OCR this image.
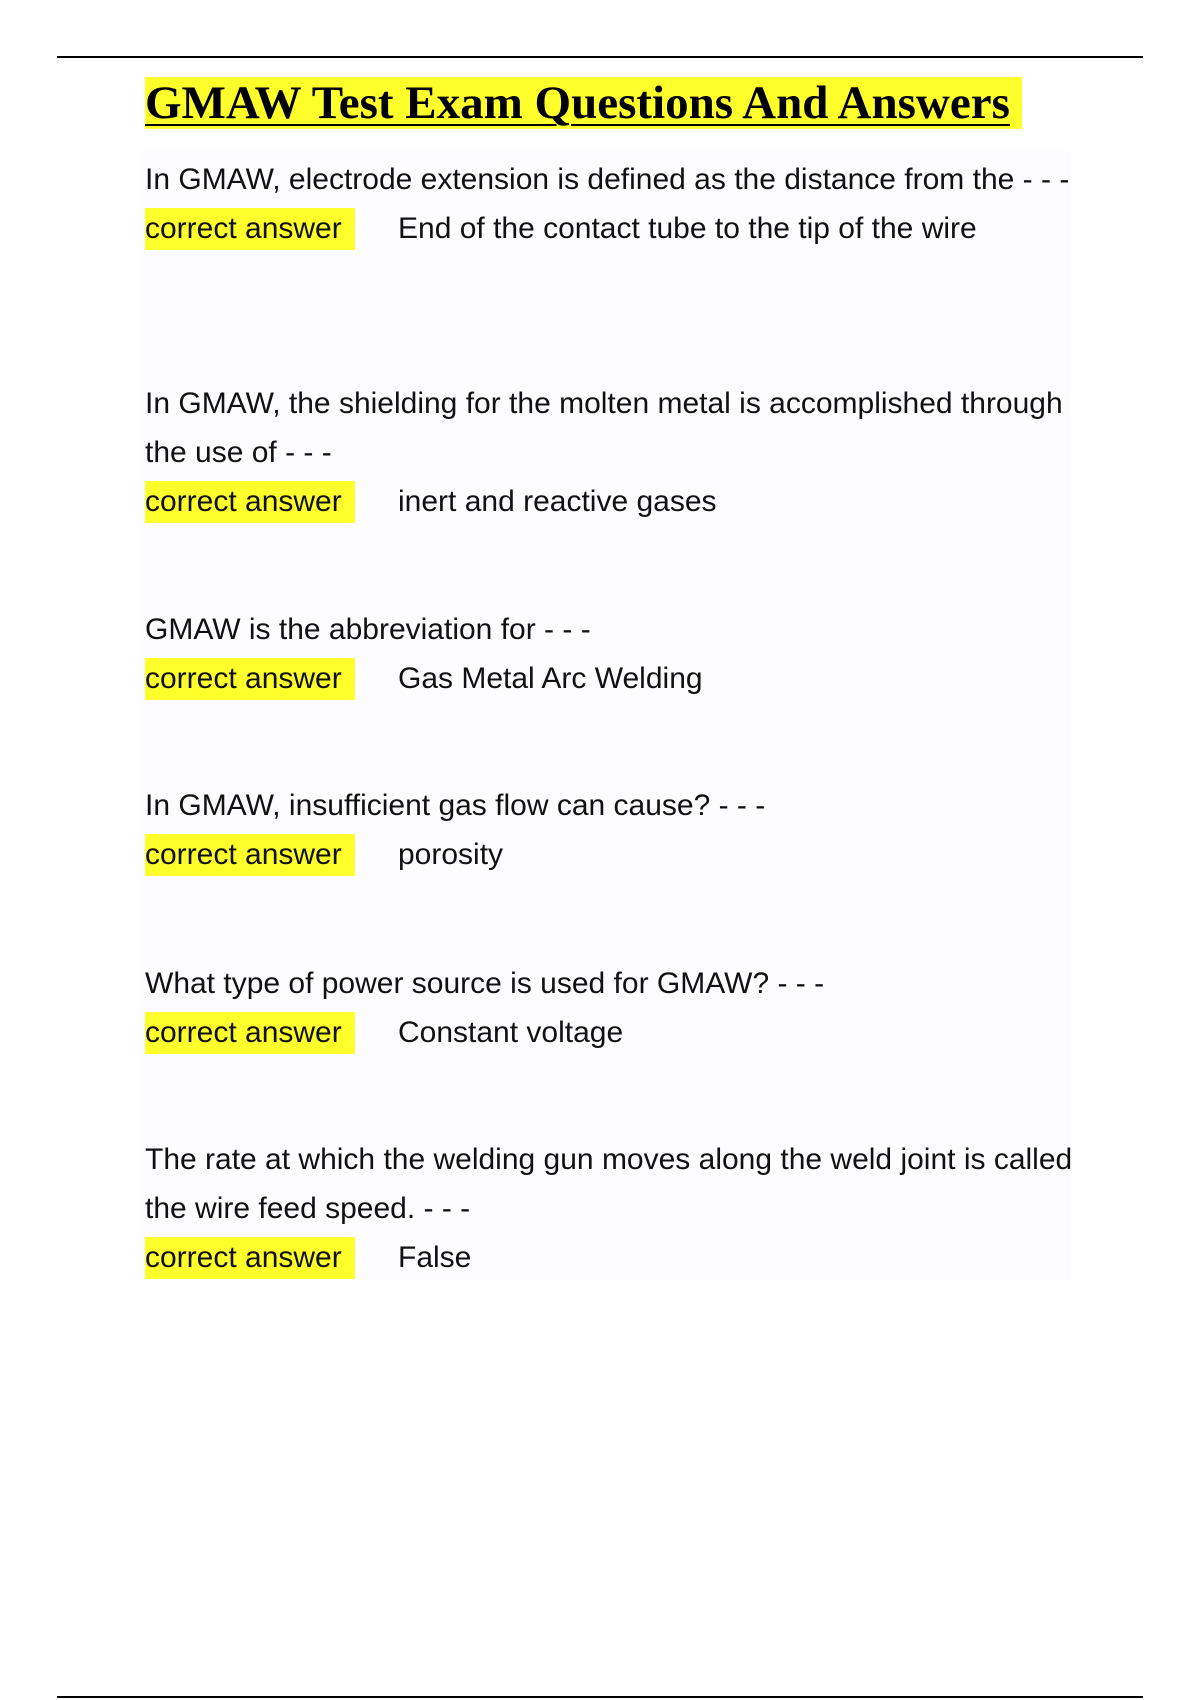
GMAW Test Exam Questions And Answers

In GMAW, electrode extension is defined as the distance from the - - -

correct answer	End of the contact tube to the tip of the wire

In GMAW, the shielding for the molten metal is accomplished through the use of - - -

correct answer	inert and reactive gases

GMAW is the abbreviation for - - -

correct answer	Gas Metal Arc Welding

In GMAW, insufficient gas flow can cause? - - -

correct answer	porosity

What type of power source is used for GMAW? - - -

correct answer	Constant voltage

The rate at which the welding gun moves along the weld joint is called the wire feed speed. - - -

correct answer	False
